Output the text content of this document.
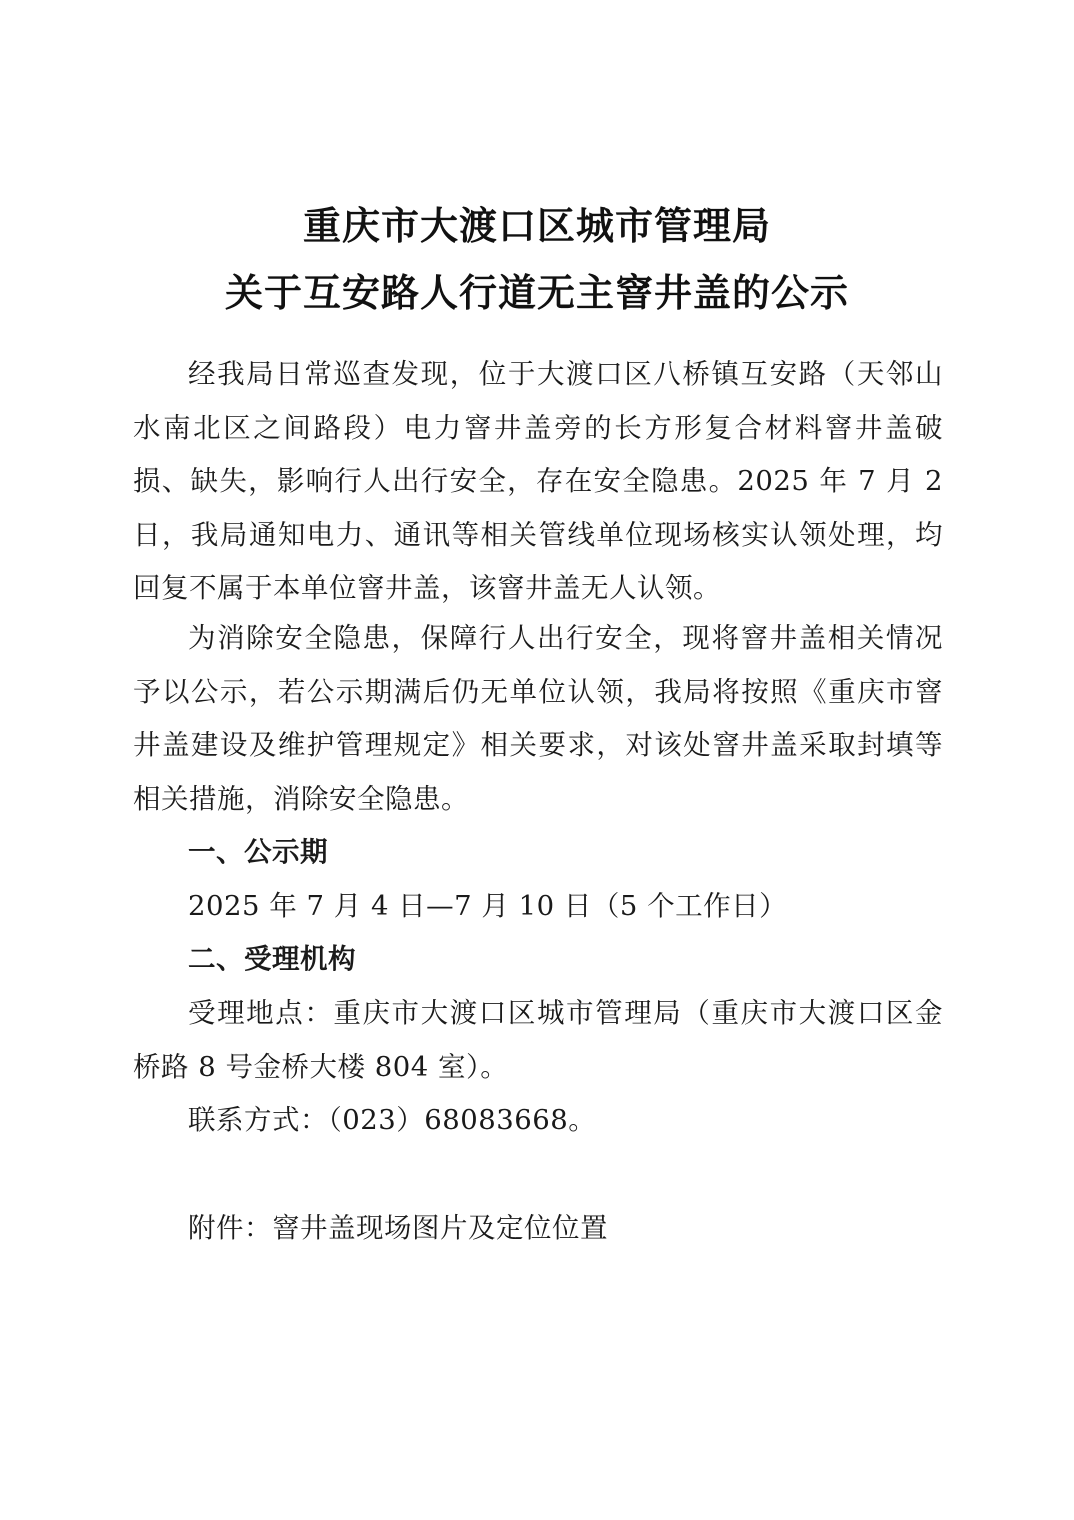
重庆市大渡口区城市管理局
关于互安路人行道无主窨井盖的公示
经我局日常巡查发现，位于大渡口区八桥镇互安路（天邻山水南北区之间路段）电力窨井盖旁的长方形复合材料窨井盖破损、缺失，影响行人出行安全，存在安全隐患。2025 年 7 月 2 日，我局通知电力、通讯等相关管线单位现场核实认领处理，均回复不属于本单位窨井盖，该窨井盖无人认领。
为消除安全隐患，保障行人出行安全，现将窨井盖相关情况予以公示，若公示期满后仍无单位认领，我局将按照《重庆市窨井盖建设及维护管理规定》相关要求，对该处窨井盖采取封填等相关措施，消除安全隐患。
一、公示期
2025 年 7 月 4 日—7 月 10 日（5 个工作日）
二、受理机构
受理地点：重庆市大渡口区城市管理局（重庆市大渡口区金桥路 8 号金桥大楼 804 室）。
联系方式：（023）68083668。
附件：窨井盖现场图片及定位位置
